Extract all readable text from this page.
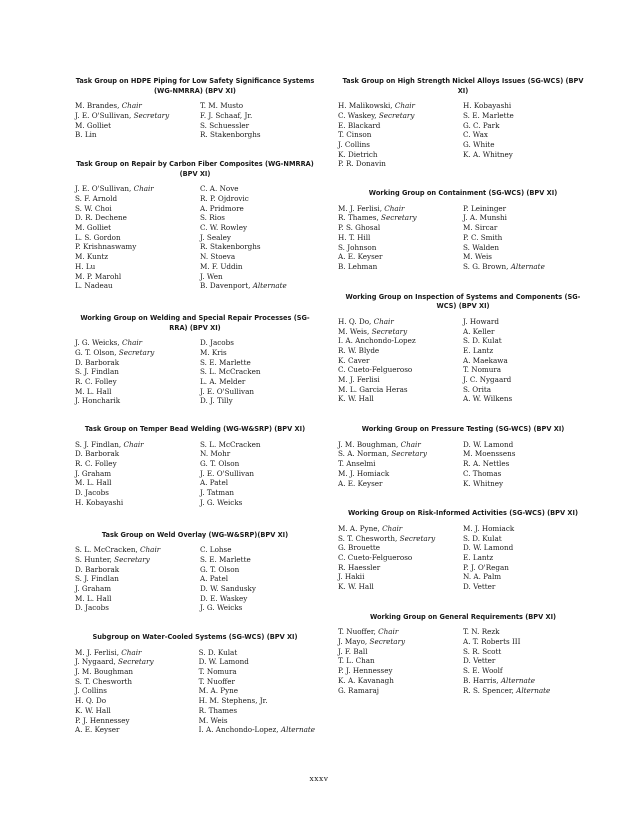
Task Group on HDPE Piping for Low Safety Significance Systems (WG-NMRRA) (BPV XI)
M. Brandes, Chair
J. E. O'Sullivan, Secretary
M. Golliet
B. Lin
T. M. Musto
F. J. Schaaf, Jr.
S. Schuessler
R. Stakenborghs
Task Group on Repair by Carbon Fiber Composites (WG-NMRRA) (BPV XI)
J. E. O'Sullivan, Chair
S. F. Arnold
S. W. Choi
D. R. Dechene
M. Golliet
L. S. Gordon
P. Krishnaswamy
M. Kuntz
H. Lu
M. P. Marohl
L. Nadeau
C. A. Nove
R. P. Ojdrovic
A. Pridmore
S. Rios
C. W. Rowley
J. Sealey
R. Stakenborghs
N. Stoeva
M. F. Uddin
J. Wen
B. Davenport, Alternate
Working Group on Welding and Special Repair Processes (SG-RRA) (BPV XI)
J. G. Weicks, Chair
G. T. Olson, Secretary
D. Barborak
S. J. Findlan
R. C. Folley
M. L. Hall
J. Honcharik
D. Jacobs
M. Kris
S. E. Marlette
S. L. McCracken
L. A. Melder
J. E. O'Sullivan
D. J. Tilly
Task Group on Temper Bead Welding (WG-W&SRP) (BPV XI)
S. J. Findlan, Chair
D. Barborak
R. C. Folley
J. Graham
M. L. Hall
D. Jacobs
H. Kobayashi
S. L. McCracken
N. Mohr
G. T. Olson
J. E. O'Sullivan
A. Patel
J. Tatman
J. G. Weicks
Task Group on Weld Overlay (WG-W&SRP)(BPV XI)
S. L. McCracken, Chair
S. Hunter, Secretary
D. Barborak
S. J. Findlan
J. Graham
M. L. Hall
D. Jacobs
C. Lohse
S. E. Marlette
G. T. Olson
A. Patel
D. W. Sandusky
D. E. Waskey
J. G. Weicks
Subgroup on Water-Cooled Systems (SG-WCS) (BPV XI)
M. J. Ferlisi, Chair
J. Nygaard, Secretary
J. M. Boughman
S. T. Chesworth
J. Collins
H. Q. Do
K. W. Hall
P. J. Hennessey
A. E. Keyser
S. D. Kulat
D. W. Lamond
T. Nomura
T. Nuoffer
M. A. Pyne
H. M. Stephens, Jr.
R. Thames
M. Weis
I. A. Anchondo-Lopez, Alternate
Task Group on High Strength Nickel Alloys Issues (SG-WCS) (BPV XI)
H. Malikowski, Chair
C. Waskey, Secretary
E. Blackard
T. Cinson
J. Collins
K. Dietrich
P. R. Donavin
H. Kobayashi
S. E. Marlette
G. C. Park
C. Wax
G. White
K. A. Whitney
Working Group on Containment (SG-WCS) (BPV XI)
M. J. Ferlisi, Chair
R. Thames, Secretary
P. S. Ghosal
H. T. Hill
S. Johnson
A. E. Keyser
B. Lehman
P. Leininger
J. A. Munshi
M. Sircar
P. C. Smith
S. Walden
M. Weis
S. G. Brown, Alternate
Working Group on Inspection of Systems and Components (SG-WCS) (BPV XI)
H. Q. Do, Chair
M. Weis, Secretary
I. A. Anchondo-Lopez
R. W. Blyde
K. Caver
C. Cueto-Felgueroso
M. J. Ferlisi
M. L. Garcia Heras
K. W. Hall
J. Howard
A. Keller
S. D. Kulat
E. Lantz
A. Maekawa
T. Nomura
J. C. Nygaard
S. Orita
A. W. Wilkens
Working Group on Pressure Testing (SG-WCS) (BPV XI)
J. M. Boughman, Chair
S. A. Norman, Secretary
T. Anselmi
M. J. Homiack
A. E. Keyser
D. W. Lamond
M. Moenssens
R. A. Nettles
C. Thomas
K. Whitney
Working Group on Risk-Informed Activities (SG-WCS) (BPV XI)
M. A. Pyne, Chair
S. T. Chesworth, Secretary
G. Brouette
C. Cueto-Felgueroso
R. Haessler
J. Hakii
K. W. Hall
M. J. Homiack
S. D. Kulat
D. W. Lamond
E. Lantz
P. J. O'Regan
N. A. Palm
D. Vetter
Working Group on General Requirements (BPV XI)
T. Nuoffer, Chair
J. Mayo, Secretary
J. F. Ball
T. L. Chan
P. J. Hennessey
K. A. Kavanagh
G. Ramaraj
T. N. Rezk
A. T. Roberts III
S. R. Scott
D. Vetter
S. E. Woolf
B. Harris, Alternate
R. S. Spencer, Alternate
xxxv
